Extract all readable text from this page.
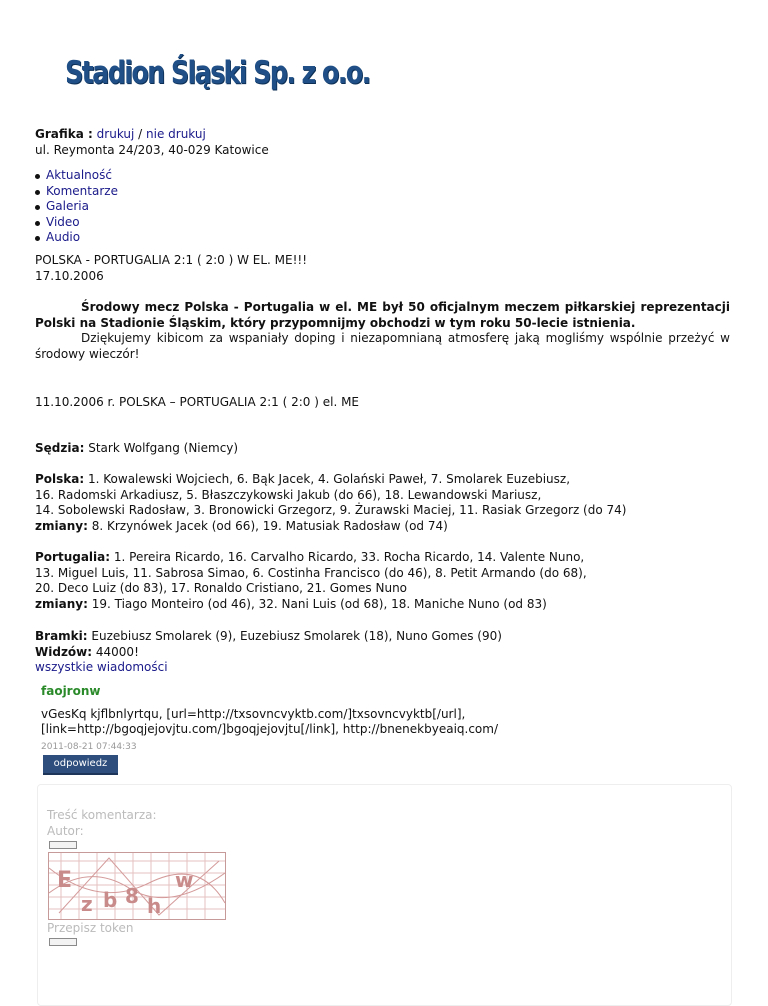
Stadion Śląski Sp. z o.o.
Grafika : drukuj / nie drukuj
ul. Reymonta 24/203, 40-029 Katowice
Aktualność
Komentarze
Galeria
Video
Audio
POLSKA - PORTUGALIA 2:1 ( 2:0 ) W EL. ME!!!
17.10.2006

Środowy mecz Polska - Portugalia w el. ME był 50 oficjalnym meczem piłkarskiej reprezentacji Polski na Stadionie Śląskim, który przypomnijmy obchodzi w tym roku 50-lecie istnienia.

Dziękujemy kibicom za wspaniały doping i niezapomnianą atmosferę jaką mogliśmy wspólnie przeżyć w środowy wieczór!

11.10.2006 r. POLSKA – PORTUGALIA 2:1 ( 2:0 ) el. ME
Sędzia: Stark Wolfgang (Niemcy)
Polska: 1. Kowalewski Wojciech, 6. Bąk Jacek, 4. Golański Paweł, 7. Smolarek Euzebiusz,
16. Radomski Arkadiusz, 5. Błaszczykowski Jakub (do 66), 18. Lewandowski Mariusz,
14. Sobolewski Radosław, 3. Bronowicki Grzegorz, 9. Żurawski Maciej, 11. Rasiak Grzegorz (do 74)
zmiany: 8. Krzynówek Jacek (od 66), 19. Matusiak Radosław (od 74)
Portugalia: 1. Pereira Ricardo, 16. Carvalho Ricardo, 33. Rocha Ricardo, 14. Valente Nuno,
13. Miguel Luis, 11. Sabrosa Simao, 6. Costinha Francisco (do 46), 8. Petit Armando (do 68),
20. Deco Luiz (do 83), 17. Ronaldo Cristiano, 21. Gomes Nuno
zmiany: 19. Tiago Monteiro (od 46), 32. Nani Luis (od 68), 18. Maniche Nuno (od 83)
Bramki: Euzebiusz Smolarek (9), Euzebiusz Smolarek (18), Nuno Gomes (90)
Widzów: 44000!
wszystkie wiadomości
faojronw
vGesKq kjflbnlyrtqu, [url=http://txsovncvyktb.com/]txsovncvyktb[/url],
[link=http://bgoqjejovjtu.com/]bgoqjejovjtu[/link], http://bnenekbyeaiq.com/
2011-08-21 07:44:33
odpowiedz
Treść komentarza:
Autor:
E
z b 8 h
w
Przepisz token
